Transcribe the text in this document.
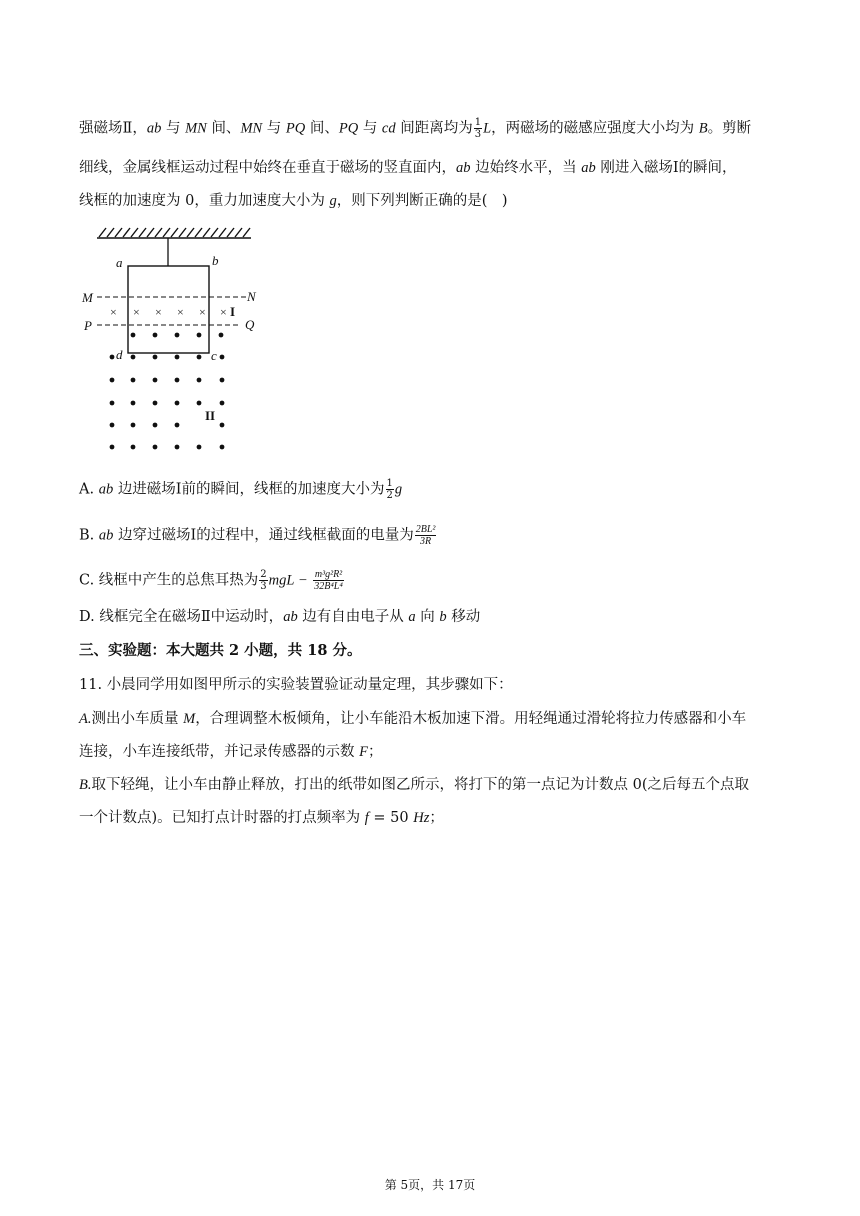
强磁场Ⅱ，ab 与 MN 间、MN 与 PQ 间、PQ 与 cd 间距离均为 $\frac{1}{3}$ L，两磁场的磁感应强度大小均为 B。剪断
细线，金属线框运动过程中始终在垂直于磁场的竖直面内，ab 边始终水平，当 ab 刚进入磁场Ⅰ的瞬间，
线框的加速度为 0，重力加速度大小为 g，则下列判断正确的是(　)
a	b
M	N
P	Q
d	c
× × × × × × I
II
A. ab 边进磁场Ⅰ前的瞬间，线框的加速度大小为 $\frac{1}{2}$ g
B. ab 边穿过磁场Ⅰ的过程中，通过线框截面的电量为 $\frac{\text{2BL²}}{3R}$
C. 线框中产生的总焦耳热为 $\frac{2}{3}$ mgL − $\frac{\text{m³g²R²}}{\text{32B⁴L⁴}}$
D. 线框完全在磁场Ⅱ中运动时，ab 边有自由电子从 a 向 b 移动
三、实验题：本大题共 2 小题，共 18 分。
11. 小晨同学用如图甲所示的实验装置验证动量定理，其步骤如下：
A.测出小车质量 M，合理调整木板倾角，让小车能沿木板加速下滑。用轻绳通过滑轮将拉力传感器和小车
连接，小车连接纸带，并记录传感器的示数 F；
B.取下轻绳，让小车由静止释放，打出的纸带如图乙所示，将打下的第一点记为计数点 0(之后每五个点取
一个计数点)。已知打点计时器的打点频率为 f = 50 Hz；
第 5页，共 17页
